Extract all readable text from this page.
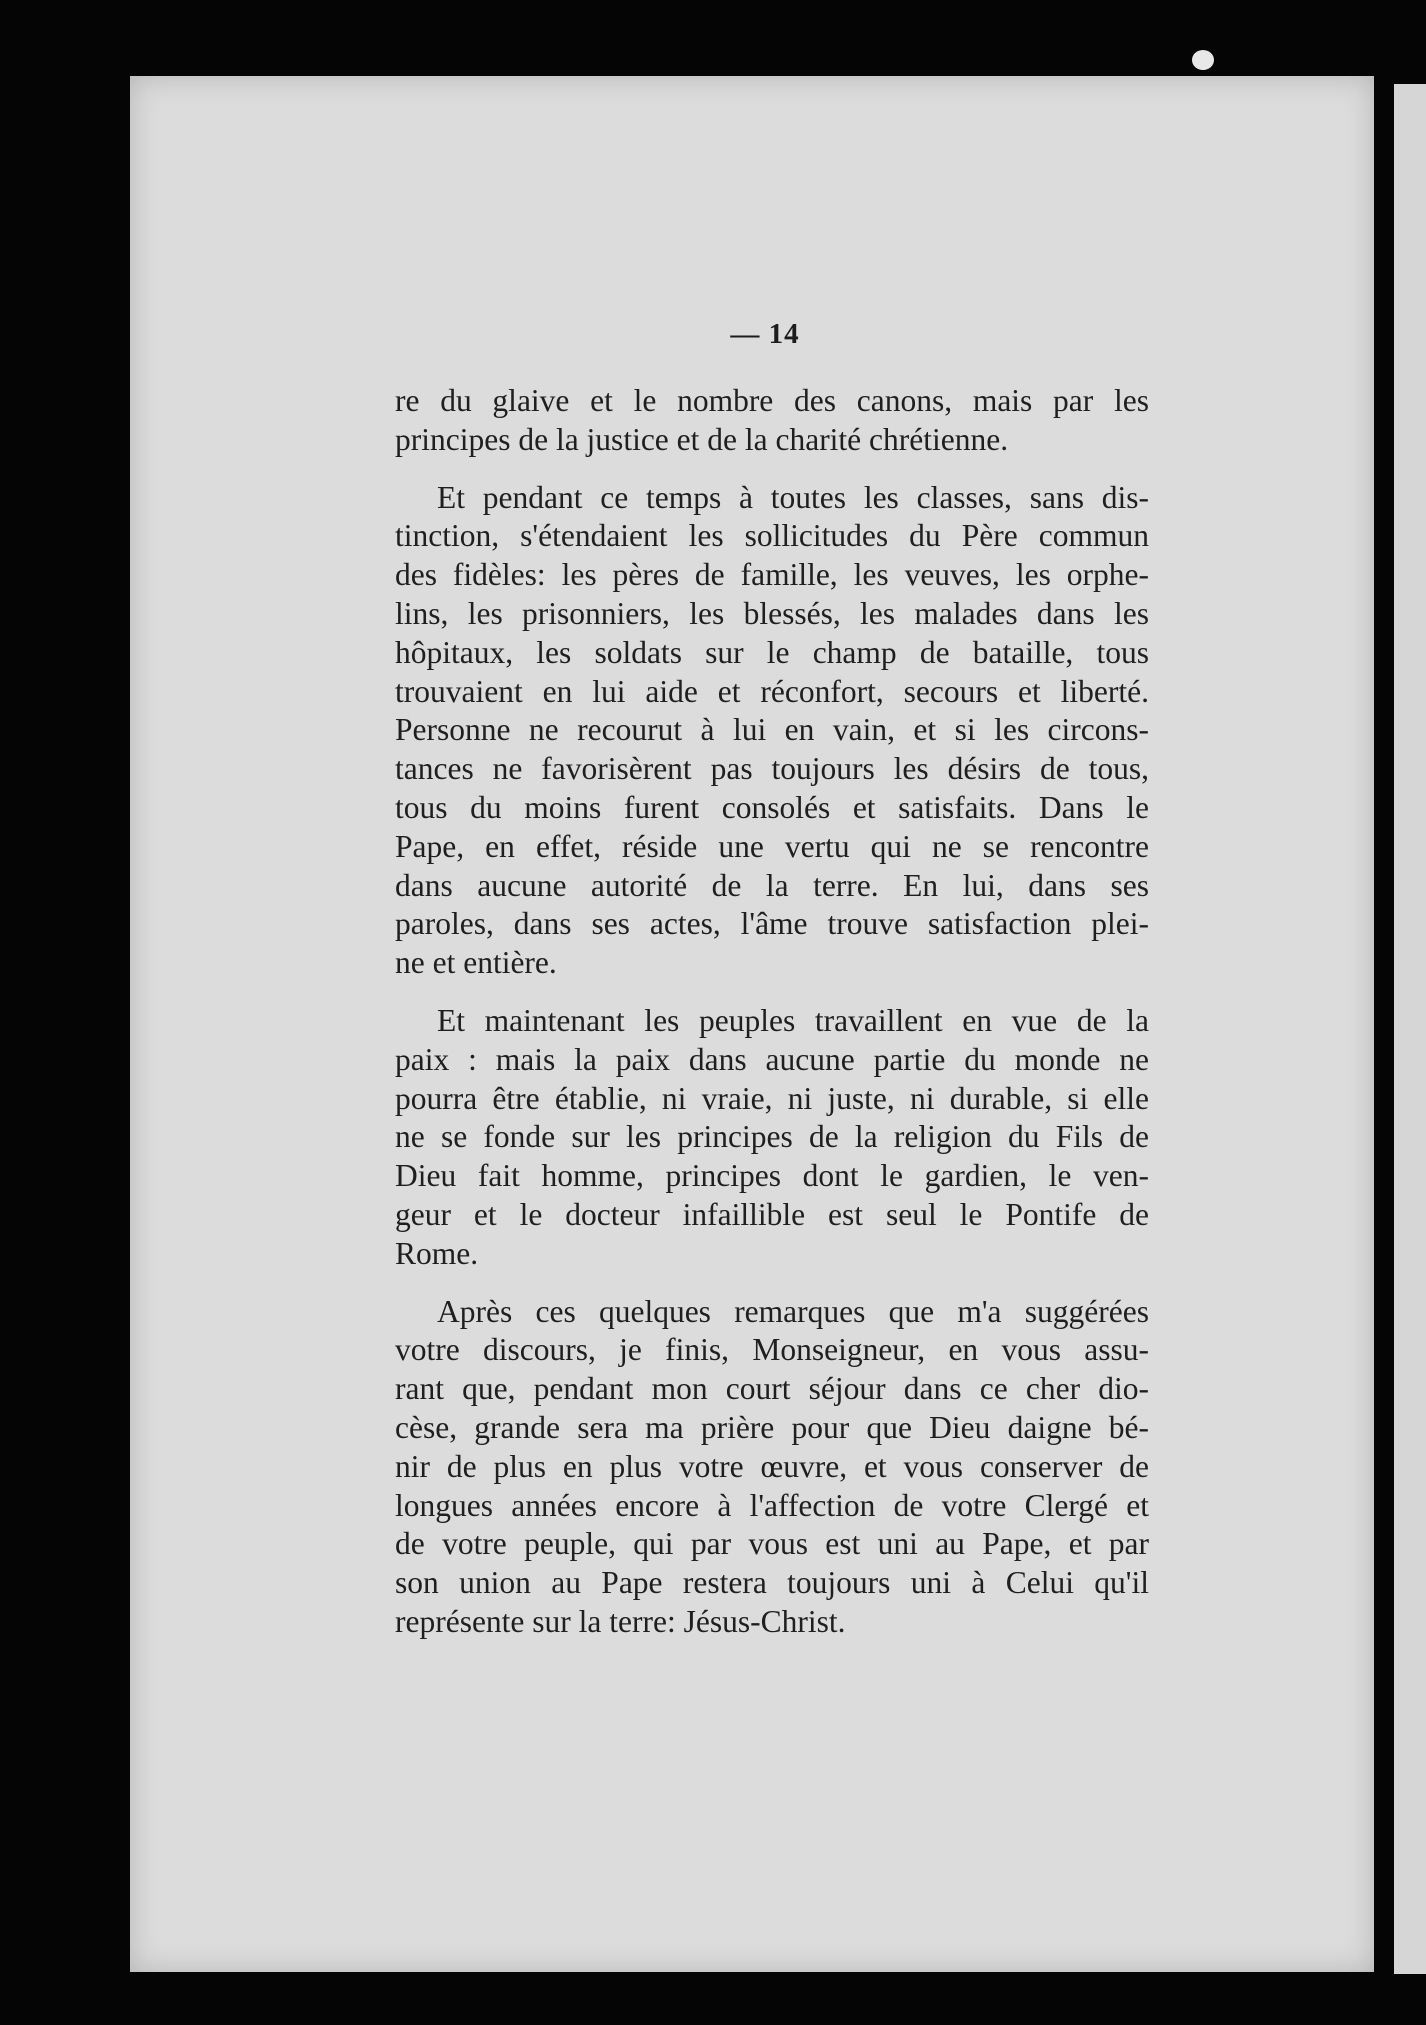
— 14
re du glaive et le nombre des canons, mais par les
principes de la justice et de la charité chrétienne.
Et pendant ce temps à toutes les classes, sans dis-
tinction, s'étendaient les sollicitudes du Père commun
des fidèles: les pères de famille, les veuves, les orphe-
lins, les prisonniers, les blessés, les malades dans les
hôpitaux, les soldats sur le champ de bataille, tous
trouvaient en lui aide et réconfort, secours et liberté.
Personne ne recourut à lui en vain, et si les circons-
tances ne favorisèrent pas toujours les désirs de tous,
tous du moins furent consolés et satisfaits. Dans le
Pape, en effet, réside une vertu qui ne se rencontre
dans aucune autorité de la terre. En lui, dans ses
paroles, dans ses actes, l'âme trouve satisfaction plei-
ne et entière.
Et maintenant les peuples travaillent en vue de la
paix : mais la paix dans aucune partie du monde ne
pourra être établie, ni vraie, ni juste, ni durable, si elle
ne se fonde sur les principes de la religion du Fils de
Dieu fait homme, principes dont le gardien, le ven-
geur et le docteur infaillible est seul le Pontife de
Rome.
Après ces quelques remarques que m'a suggérées
votre discours, je finis, Monseigneur, en vous assu-
rant que, pendant mon court séjour dans ce cher dio-
cèse, grande sera ma prière pour que Dieu daigne bé-
nir de plus en plus votre œuvre, et vous conserver de
longues années encore à l'affection de votre Clergé et
de votre peuple, qui par vous est uni au Pape, et par
son union au Pape restera toujours uni à Celui qu'il
représente sur la terre: Jésus-Christ.
